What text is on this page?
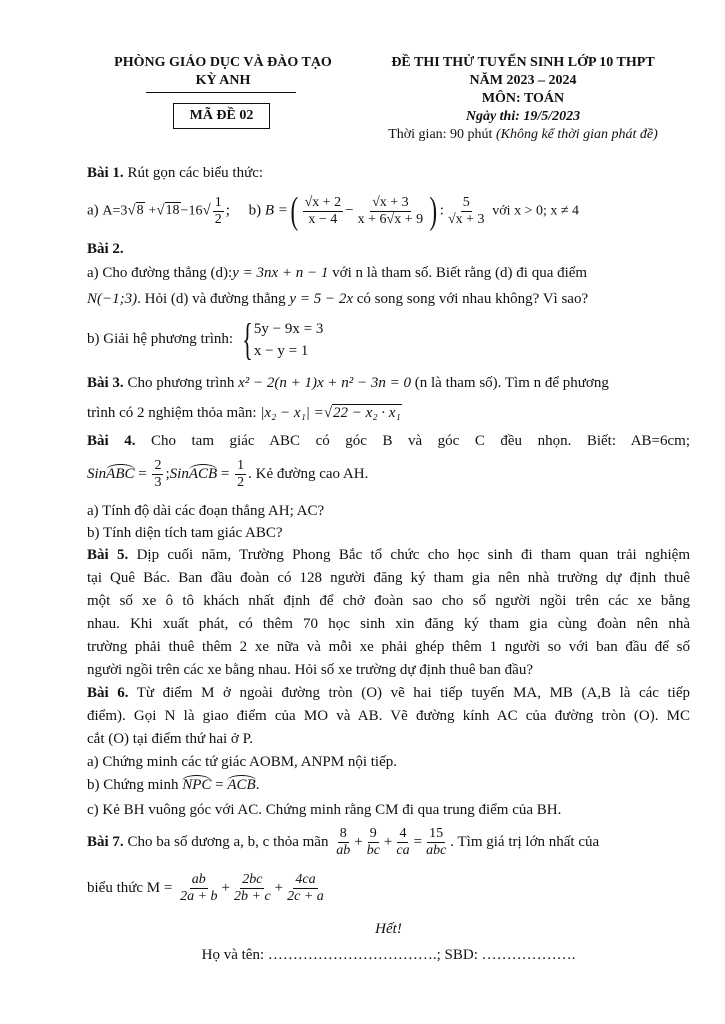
PHÒNG GIÁO DỤC VÀ ĐÀO TẠO
KỲ ANH
MÃ ĐỀ 02
ĐỀ THI THỬ TUYỂN SINH LỚP 10 THPT
NĂM 2023 – 2024
MÔN: TOÁN
Ngày thi: 19/5/2023
Thời gian: 90 phút (Không kể thời gian phát đề)
Bài 1. Rút gọn các biểu thức:
a) $A=3√8 +√18-16√ \frac{1}{2}$ ; b) B =( $\frac{√x + 2}{x - 4} - \frac{√x + 3}{x + 6√x + 9}$ ) : $\frac{5}{√x + 3}$ với x > 0; x ≠ 4
Bài 2.
a) Cho đường thẳng (d):y = 3nx + n − 1 với n là tham số. Biết rằng (d) đi qua điểm
N(−1;3). Hỏi (d) và đường thẳng y = 5 − 2x có song song với nhau không? Vì sao?
b) Giải hệ phương trình: { 5y − 9x = 3
x − y = 1
Bài 3. Cho phương trình x² − 2(n + 1)x + n² − 3n = 0 (n là tham số). Tìm n để phương
trình có 2 nghiệm thỏa mãn: |x₂ − x₁| =√22 − x₂ · x₁
Bài 4. Cho tam giác ABC có góc B và góc C đều nhọn. Biết: AB=6cm;
SinABC = $\frac{2}{3}$ ;SinACB = $\frac{1}{2}$ . Kẻ đường cao AH.
a) Tính độ dài các đoạn thẳng AH; AC?
b) Tính diện tích tam giác ABC?
Bài 5. Dịp cuối năm, Trường Phong Bắc tổ chức cho học sinh đi tham quan trải nghiệm
tại Quê Bác. Ban đầu đoàn có 128 người đăng ký tham gia nên nhà trường dự định thuê
một số xe ô tô khách nhất định để chở đoàn sao cho số người ngồi trên các xe bằng
nhau. Khi xuất phát, có thêm 70 học sinh xin đăng ký tham gia cùng đoàn nên nhà
trường phải thuê thêm 2 xe nữa và mỗi xe phải ghép thêm 1 người so với ban đầu để số
người ngồi trên các xe bằng nhau. Hỏi số xe trường dự định thuê ban đầu?
Bài 6. Từ điểm M ở ngoài đường tròn (O) vẽ hai tiếp tuyến MA, MB (A,B là các tiếp
điểm). Gọi N là giao điểm của MO và AB. Vẽ đường kính AC của đường tròn (O). MC
cắt (O) tại điểm thứ hai ở P.
a) Chứng minh các tứ giác AOBM, ANPM nội tiếp.
b) Chứng minh NPC = ACB.
c) Kẻ BH vuông góc với AC. Chứng minh rằng CM đi qua trung điểm của BH.
Bài 7. Cho ba số dương a, b, c thỏa mãn $\frac{8}{ab} + \frac{9}{bc} + \frac{4}{ca} = \frac{15}{\text{abc}}$ . Tìm giá trị lớn nhất của
biểu thức $M = \frac{ab}{2a + b} + \frac{2bc}{2b + c} + \frac{4ca}{2c + a}$
Hết!
Họ và tên: …………………………….; SBD: ……………….
